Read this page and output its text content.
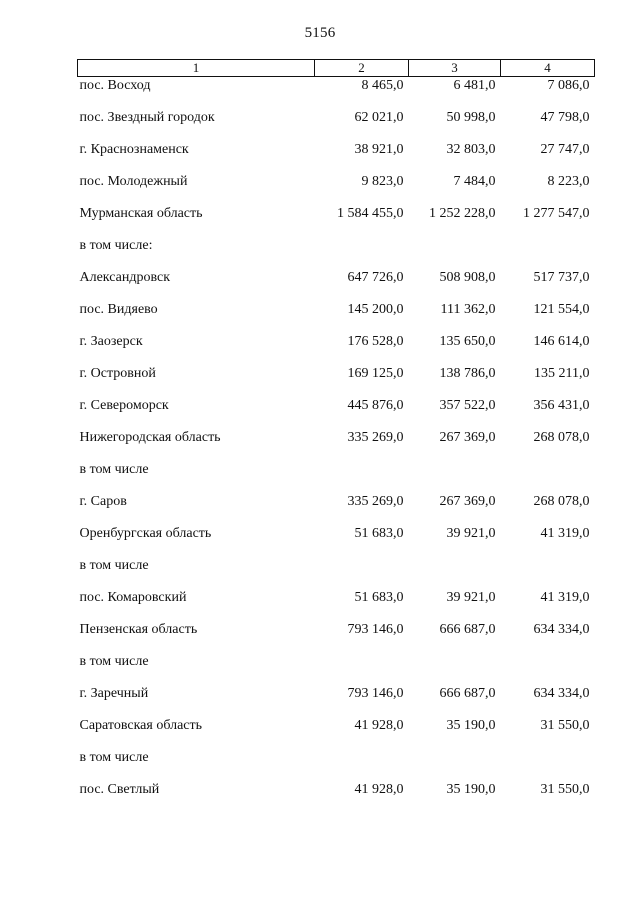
5156
1	2	3	4
пос. Восход	8 465,0	6 481,0	7 086,0
пос. Звездный городок	62 021,0	50 998,0	47 798,0
г. Краснознаменск	38 921,0	32 803,0	27 747,0
пос. Молодежный	9 823,0	7 484,0	8 223,0
Мурманская область	1 584 455,0	1 252 228,0	1 277 547,0
в том числе:			
Александровск	647 726,0	508 908,0	517 737,0
пос. Видяево	145 200,0	111 362,0	121 554,0
г. Заозерск	176 528,0	135 650,0	146 614,0
г. Островной	169 125,0	138 786,0	135 211,0
г. Североморск	445 876,0	357 522,0	356 431,0
Нижегородская область	335 269,0	267 369,0	268 078,0
в том числе			
г. Саров	335 269,0	267 369,0	268 078,0
Оренбургская область	51 683,0	39 921,0	41 319,0
в том числе			
пос. Комаровский	51 683,0	39 921,0	41 319,0
Пензенская область	793 146,0	666 687,0	634 334,0
в том числе			
г. Заречный	793 146,0	666 687,0	634 334,0
Саратовская область	41 928,0	35 190,0	31 550,0
в том числе			
пос. Светлый	41 928,0	35 190,0	31 550,0
